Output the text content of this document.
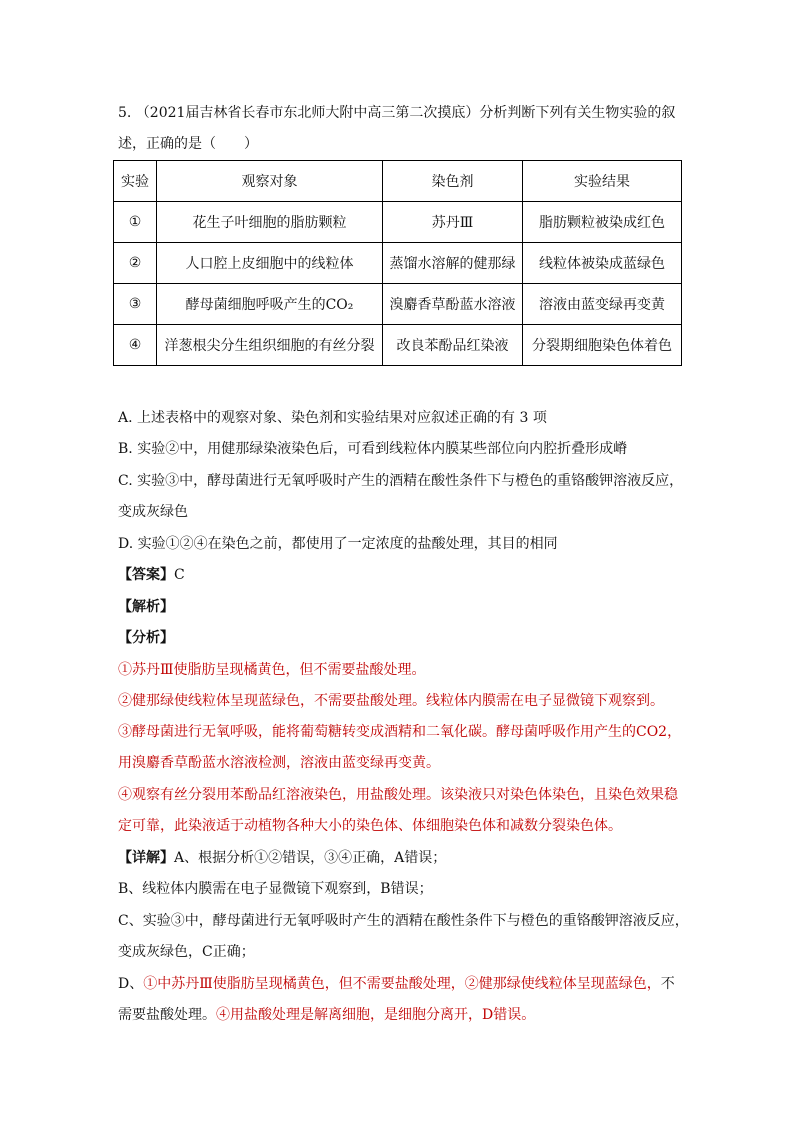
5. （2021届吉林省长春市东北师大附中高三第二次摸底）分析判断下列有关生物实验的叙
述，正确的是（　　）
实验	观察对象	染色剂	实验结果
①	花生子叶细胞的脂肪颗粒	苏丹Ⅲ	脂肪颗粒被染成红色
②	人口腔上皮细胞中的线粒体	蒸馏水溶解的健那绿	线粒体被染成蓝绿色
③	酵母菌细胞呼吸产生的CO₂	溴麝香草酚蓝水溶液	溶液由蓝变绿再变黄
④	洋葱根尖分生组织细胞的有丝分裂	改良苯酚品红染液	分裂期细胞染色体着色
A. 上述表格中的观察对象、染色剂和实验结果对应叙述正确的有 3 项
B. 实验②中，用健那绿染液染色后，可看到线粒体内膜某些部位向内腔折叠形成嵴
C. 实验③中，酵母菌进行无氧呼吸时产生的酒精在酸性条件下与橙色的重铬酸钾溶液反应，
变成灰绿色
D. 实验①②④在染色之前，都使用了一定浓度的盐酸处理，其目的相同
【答案】C
【解析】
【分析】
①苏丹Ⅲ使脂肪呈现橘黄色，但不需要盐酸处理。
②健那绿使线粒体呈现蓝绿色，不需要盐酸处理。线粒体内膜需在电子显微镜下观察到。
③酵母菌进行无氧呼吸，能将葡萄糖转变成酒精和二氧化碳。酵母菌呼吸作用产生的CO2，
用溴麝香草酚蓝水溶液检测，溶液由蓝变绿再变黄。
④观察有丝分裂用苯酚品红溶液染色，用盐酸处理。该染液只对染色体染色，且染色效果稳
定可靠，此染液适于动植物各种大小的染色体、体细胞染色体和减数分裂染色体。
【详解】A、根据分析①②错误，③④正确，A错误；
B、线粒体内膜需在电子显微镜下观察到，B错误；
C、实验③中，酵母菌进行无氧呼吸时产生的酒精在酸性条件下与橙色的重铬酸钾溶液反应，
变成灰绿色，C正确；
D、①中苏丹Ⅲ使脂肪呈现橘黄色，但不需要盐酸处理，②健那绿使线粒体呈现蓝绿色，不
需要盐酸处理。④用盐酸处理是解离细胞，是细胞分离开，D错误。
